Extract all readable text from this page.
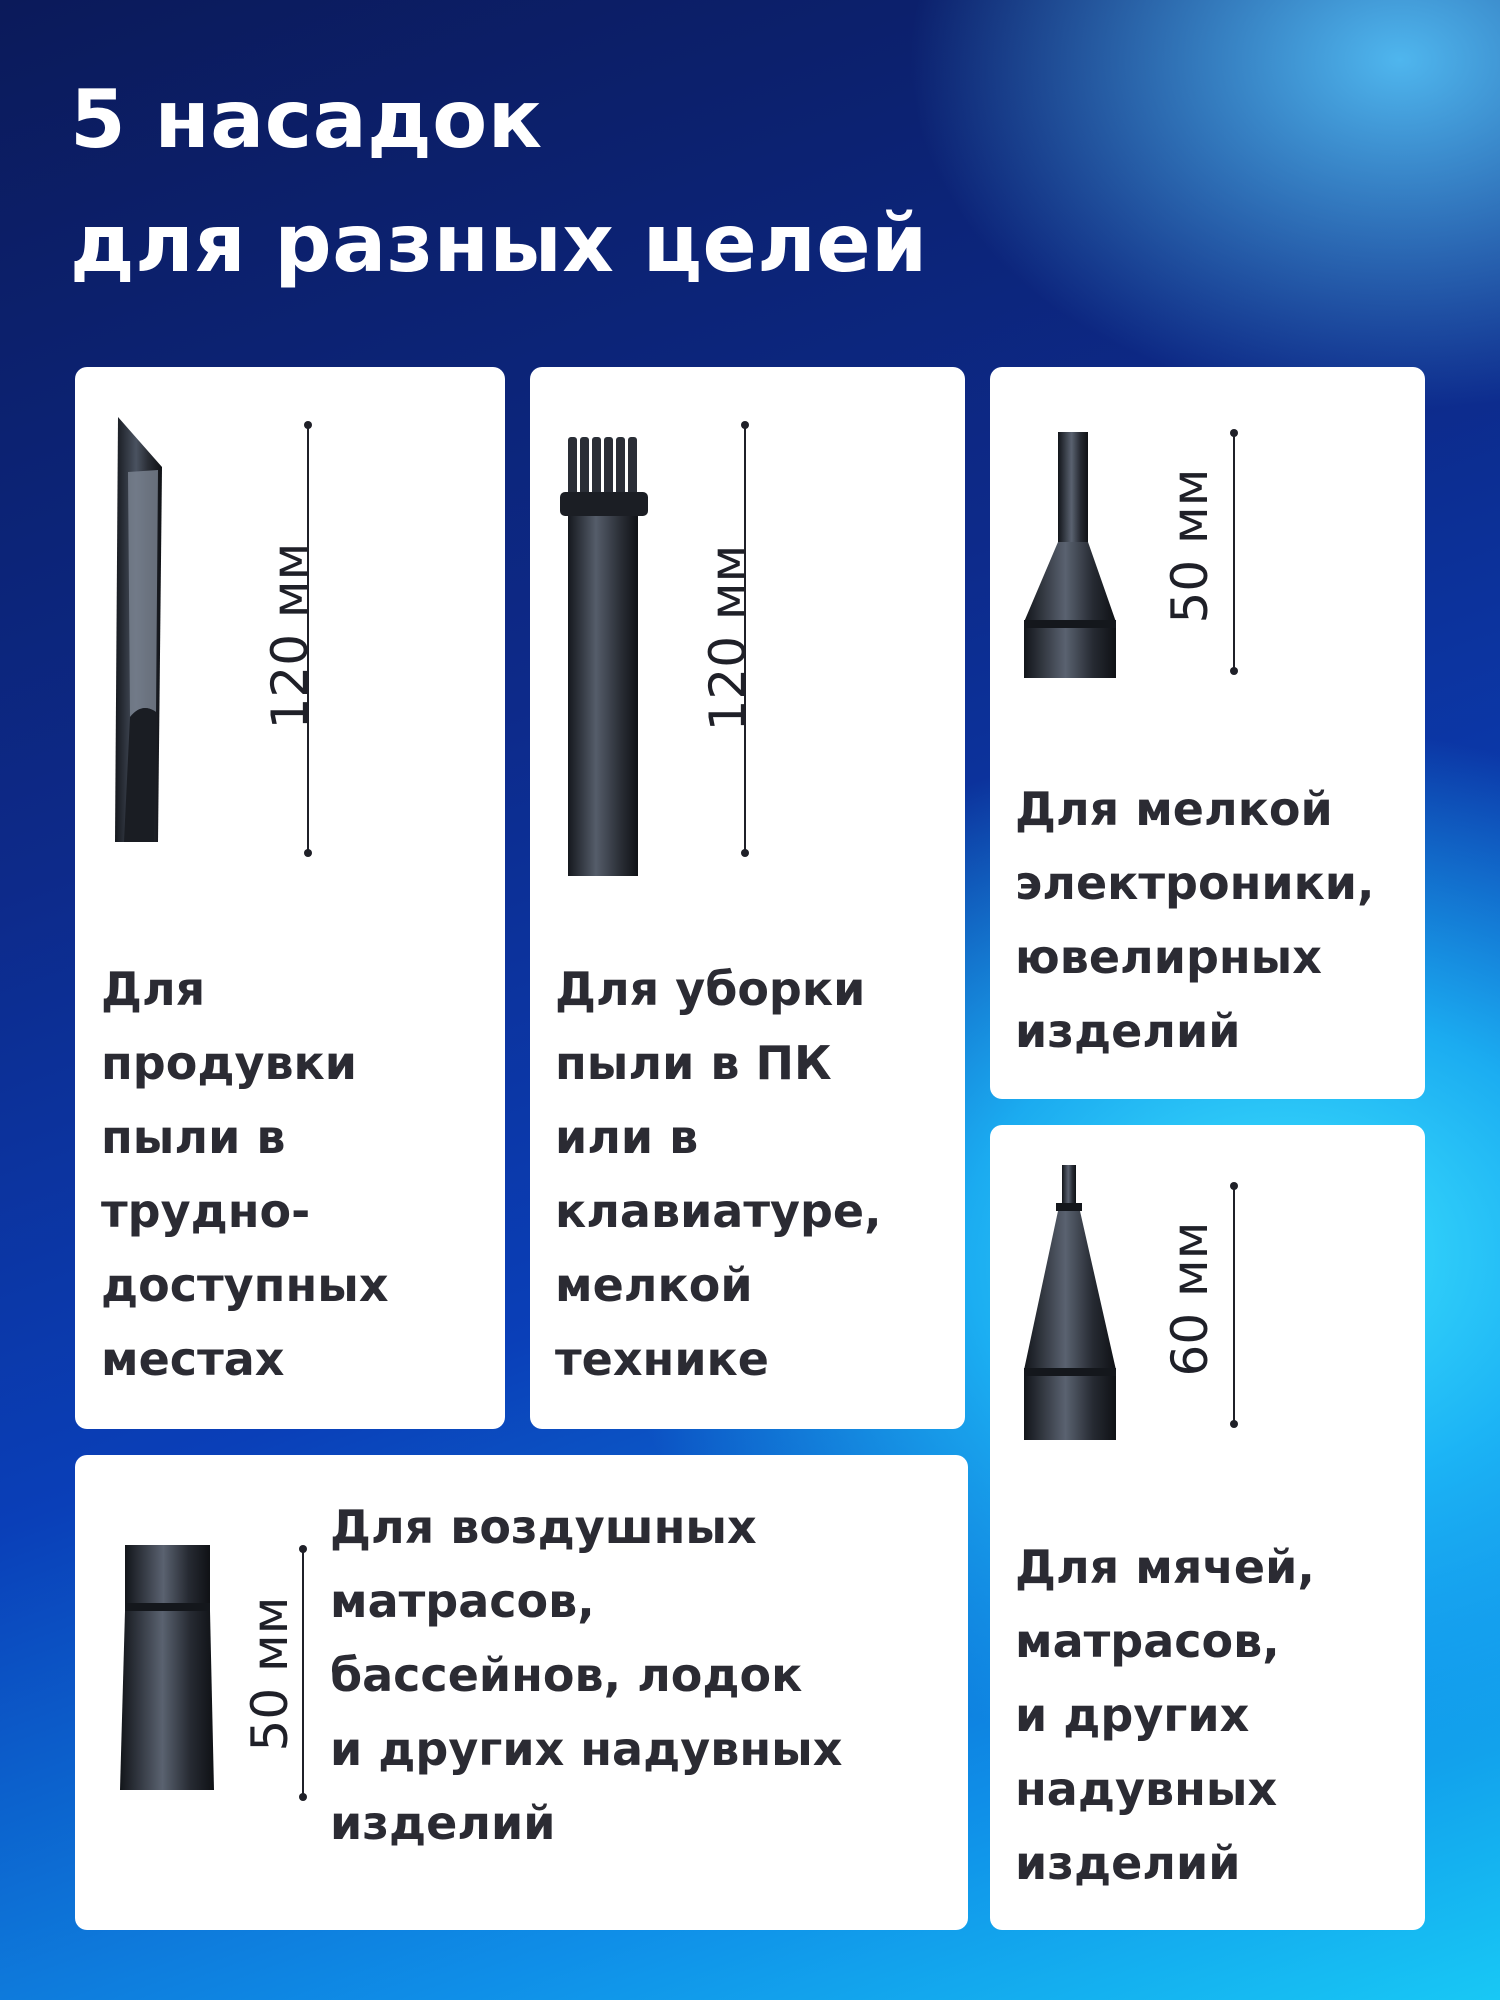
5 насадок
для разных целей
120 мм

Для
продувки
пыли в
трудно-
доступных
местах

120 мм

Для уборки
пыли в ПК
или в
клавиатуре,
мелкой
технике

50 мм

Для мелкой
электроники,
ювелирных
изделий

50 мм

Для воздушных
матрасов,
бассейнов, лодок
и других надувных
изделий

60 мм

Для мячей,
матрасов,
и других
надувных
изделий
